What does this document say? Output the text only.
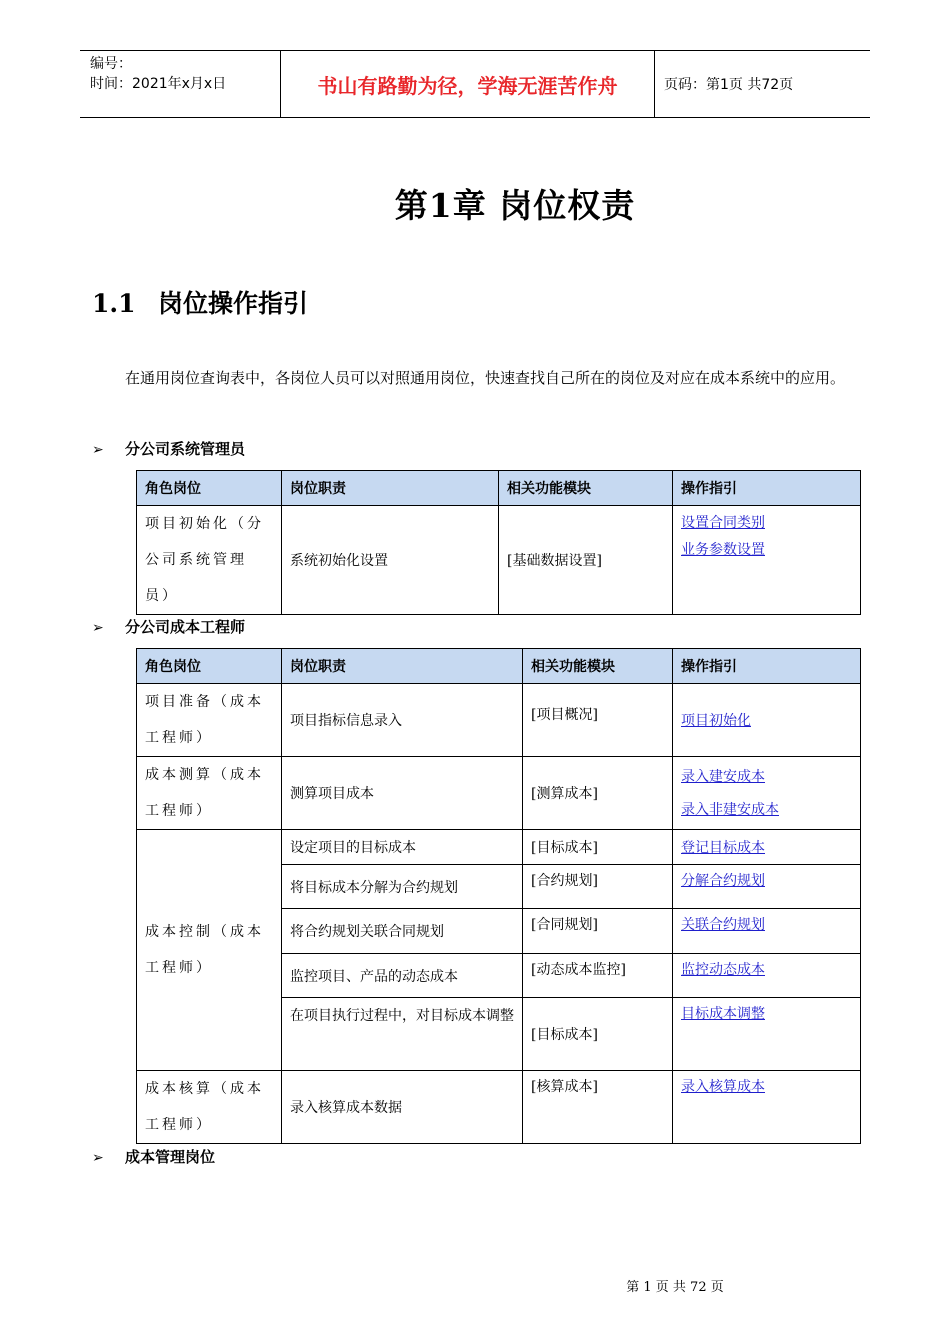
编号：
时间：2021年x月x日	书山有路勤为径，学海无涯苦作舟	页码：第1页 共72页
第1章 岗位权责
1.1 岗位操作指引
在通用岗位查询表中，各岗位人员可以对照通用岗位，快速查找自己所在的岗位及对应在成本系统中的应用。
➢ 分公司系统管理员
角色岗位	岗位职责	相关功能模块	操作指引
项目初始化（分公司系统管理员）	系统初始化设置	[基础数据设置]	设置合同类别
业务参数设置
➢ 分公司成本工程师
角色岗位	岗位职责	相关功能模块	操作指引
项目准备（成本工程师）	项目指标信息录入	[项目概况]	项目初始化

成本测算（成本工程师）	测算项目成本	[测算成本]	录入建安成本
录入非建安成本

成本控制（成本工程师）	设定项目的目标成本	[目标成本]	登记目标成本

	将目标成本分解为合约规划	[合约规划]	分解合约规划

	将合约规划关联合同规划	[合同规划]	关联合约规划

	监控项目、产品的动态成本	[动态成本监控]	监控动态成本

	在项目执行过程中，对目标成本调整	[目标成本]	目标成本调整

成本核算（成本工程师）	录入核算成本数据	[核算成本]	录入核算成本
➢ 成本管理岗位
第 1 页 共 72 页
